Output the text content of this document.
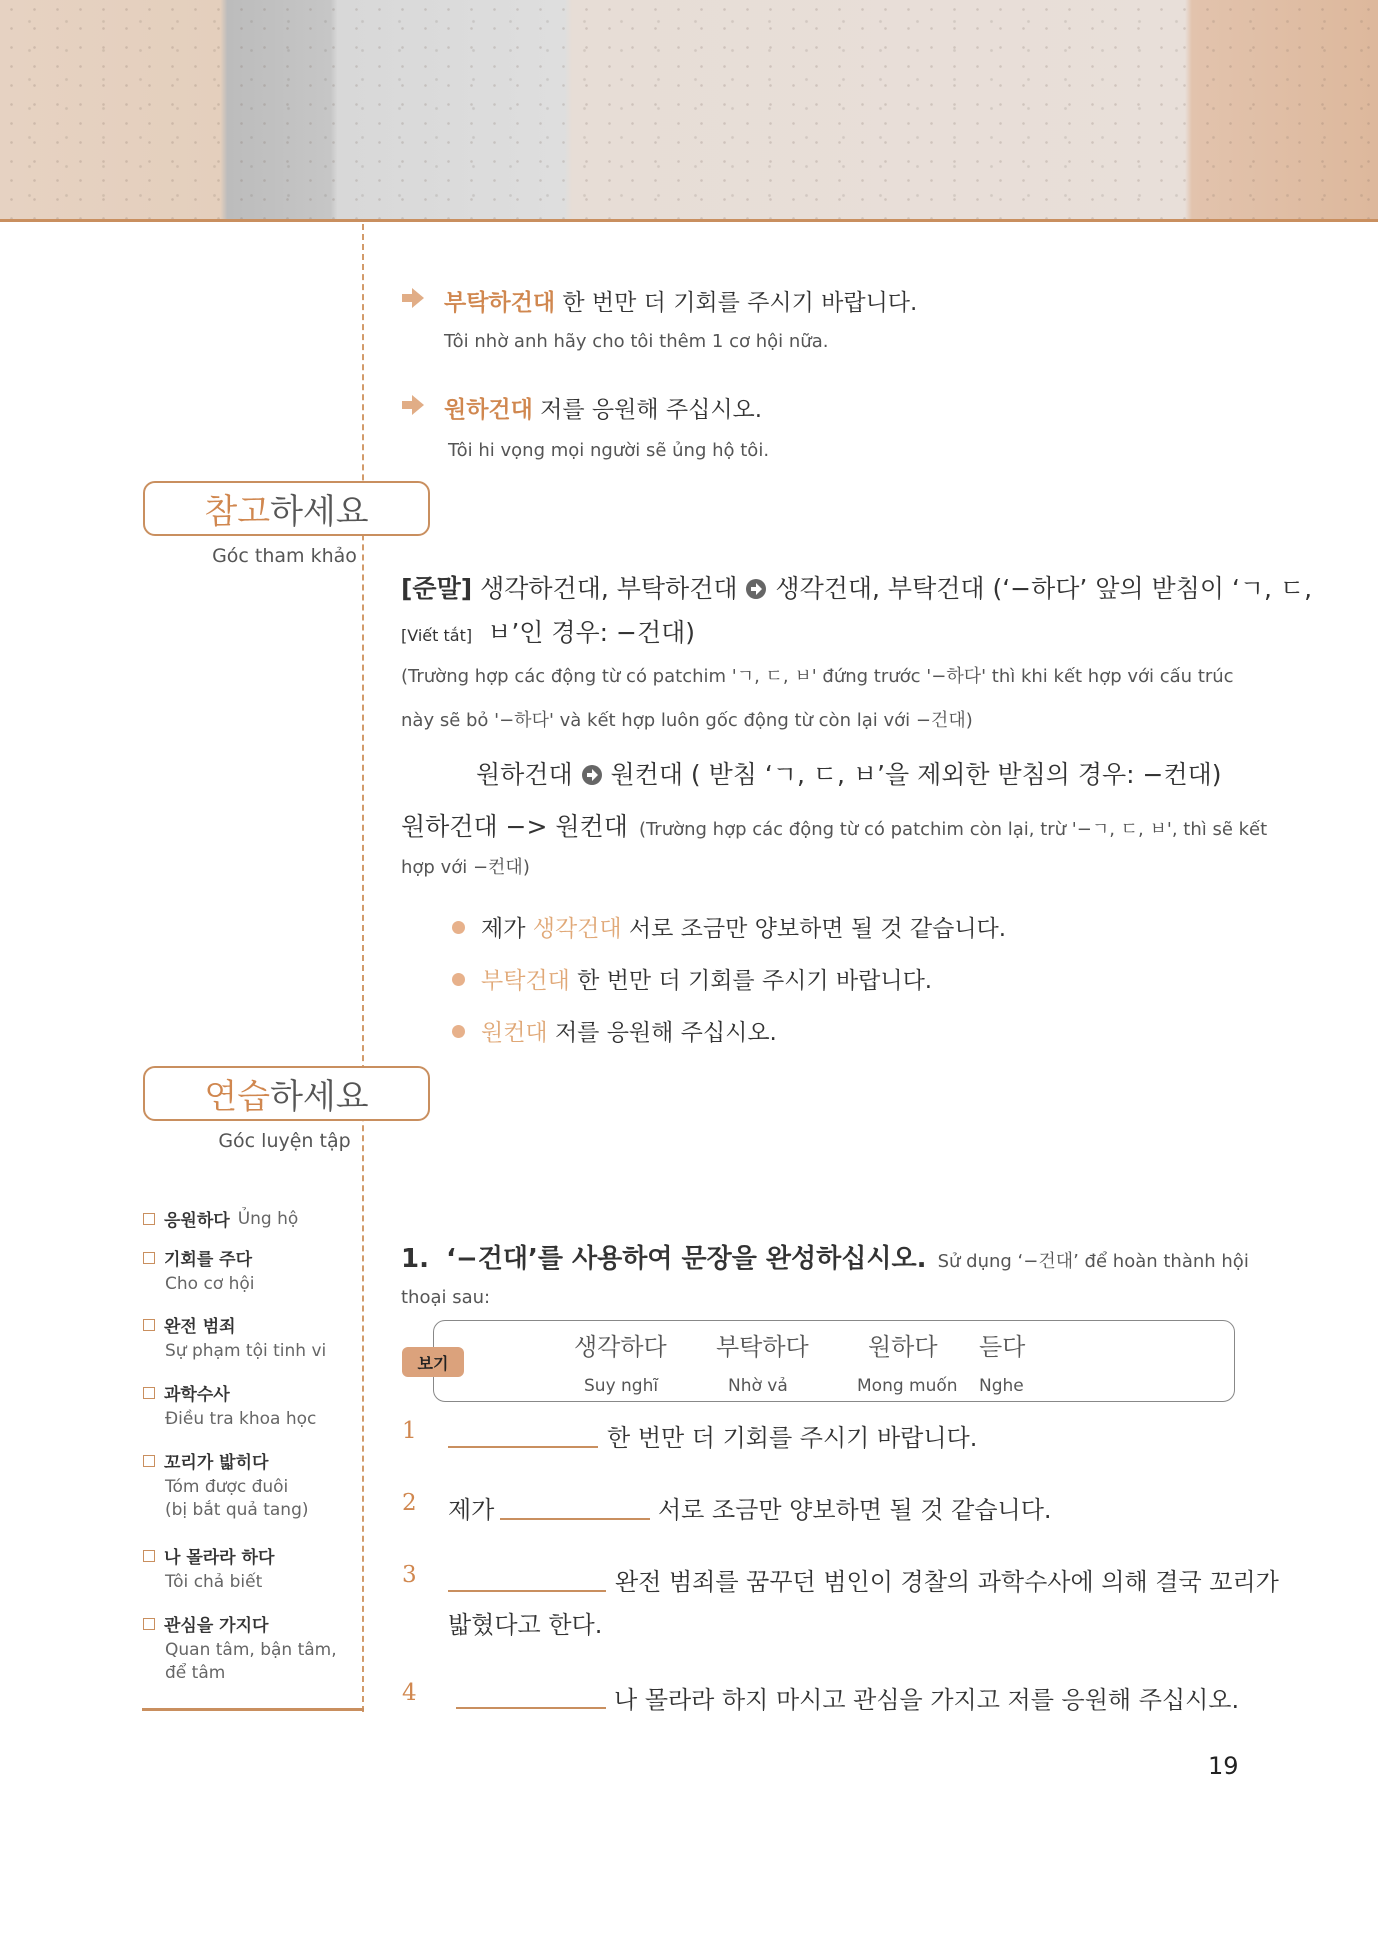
부탁하건대 한 번만 더 기회를 주시기 바랍니다.
Tôi nhờ anh hãy cho tôi thêm 1 cơ hội nữa.
원하건대 저를 응원해 주십시오.
Tôi hi vọng mọi người sẽ ủng hộ tôi.
참고 하세요
Góc tham khảo
[준말] 생각하건대, 부탁하건대 생각건대, 부탁건대 (‘−하다’ 앞의 받침이 ‘ㄱ, ㄷ,
[Viết tắt] ㅂ’인 경우: −건대)
(Trường hợp các động từ có patchim 'ㄱ, ㄷ, ㅂ' đứng trước '−하다' thì khi kết hợp với cấu trúc
này sẽ bỏ '−하다' và kết hợp luôn gốc động từ còn lại với −건대)
원하건대 원컨대 ( 받침 ‘ㄱ, ㄷ, ㅂ’을 제외한 받침의 경우: −컨대)
원하건대 −> 원컨대 (Trường hợp các động từ có patchim còn lại, trừ '−ㄱ, ㄷ, ㅂ', thì sẽ kết
hợp với −컨대)
제가 생각건대 서로 조금만 양보하면 될 것 같습니다.
부탁건대 한 번만 더 기회를 주시기 바랍니다.
원컨대 저를 응원해 주십시오.
연습 하세요
Góc luyện tập
응원하다 Ủng hộ
기회를 주다
Cho cơ hội
완전 범죄
Sự phạm tội tinh vi
과학수사
Điều tra khoa học
꼬리가 밟히다
Tóm được đuôi
(bị bắt quả tang)
나 몰라라 하다
Tôi chả biết
관심을 가지다
Quan tâm, bận tâm,
để tâm
1. ‘−건대’를 사용하여 문장을 완성하십시오. Sử dụng ‘−건대’ để hoàn thành hội
thoại sau:
보기
생각하다
Suy nghĩ
부탁하다
Nhờ vả
원하다
Mong muốn
듣다
Nghe
1	한 번만 더 기회를 주시기 바랍니다.
2 제가	서로 조금만 양보하면 될 것 같습니다.
3	완전 범죄를 꿈꾸던 범인이 경찰의 과학수사에 의해 결국 꼬리가
밟혔다고 한다.
4	나 몰라라 하지 마시고 관심을 가지고 저를 응원해 주십시오.
19
